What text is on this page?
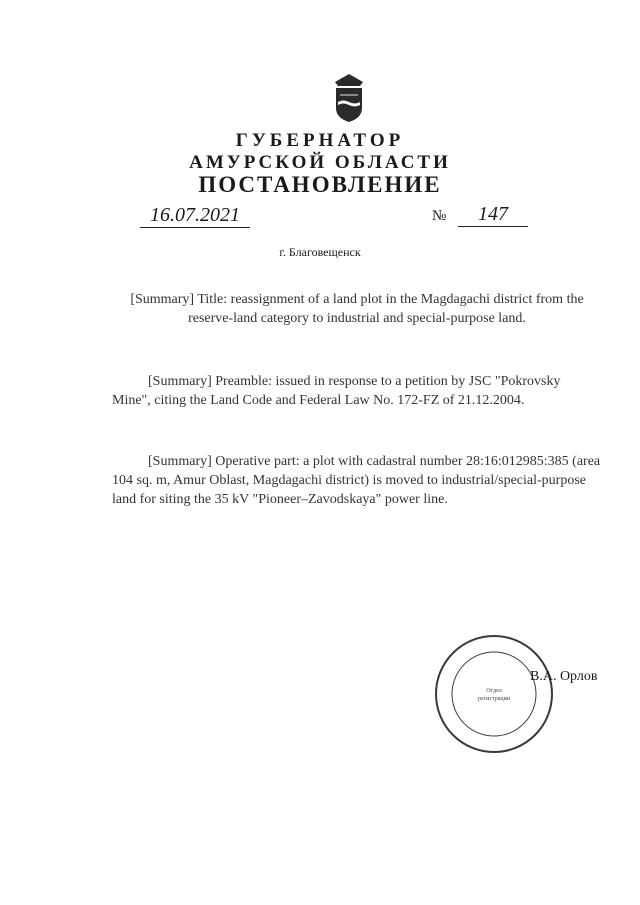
ГУБЕРНАТОР
АМУРСКОЙ ОБЛАСТИ
ПОСТАНОВЛЕНИЕ
16.07.2021	№	147
г. Благовещенск
[Summary] Title: reassignment of a land plot in the Magdagachi district from the reserve-land category to industrial and special-purpose land.
[Summary] Preamble: issued in response to a petition by JSC "Pokrovsky Mine", citing the Land Code and Federal Law No. 172-FZ of 21.12.2004.
[Summary] Operative part: a plot with cadastral number 28:16:012985:385 (area 104 sq. m, Amur Oblast, Magdagachi district) is moved to industrial/special-purpose land for siting the 35 kV "Pioneer–Zavodskaya" power line.
Отдел
регистрации
В.А. Орлов
